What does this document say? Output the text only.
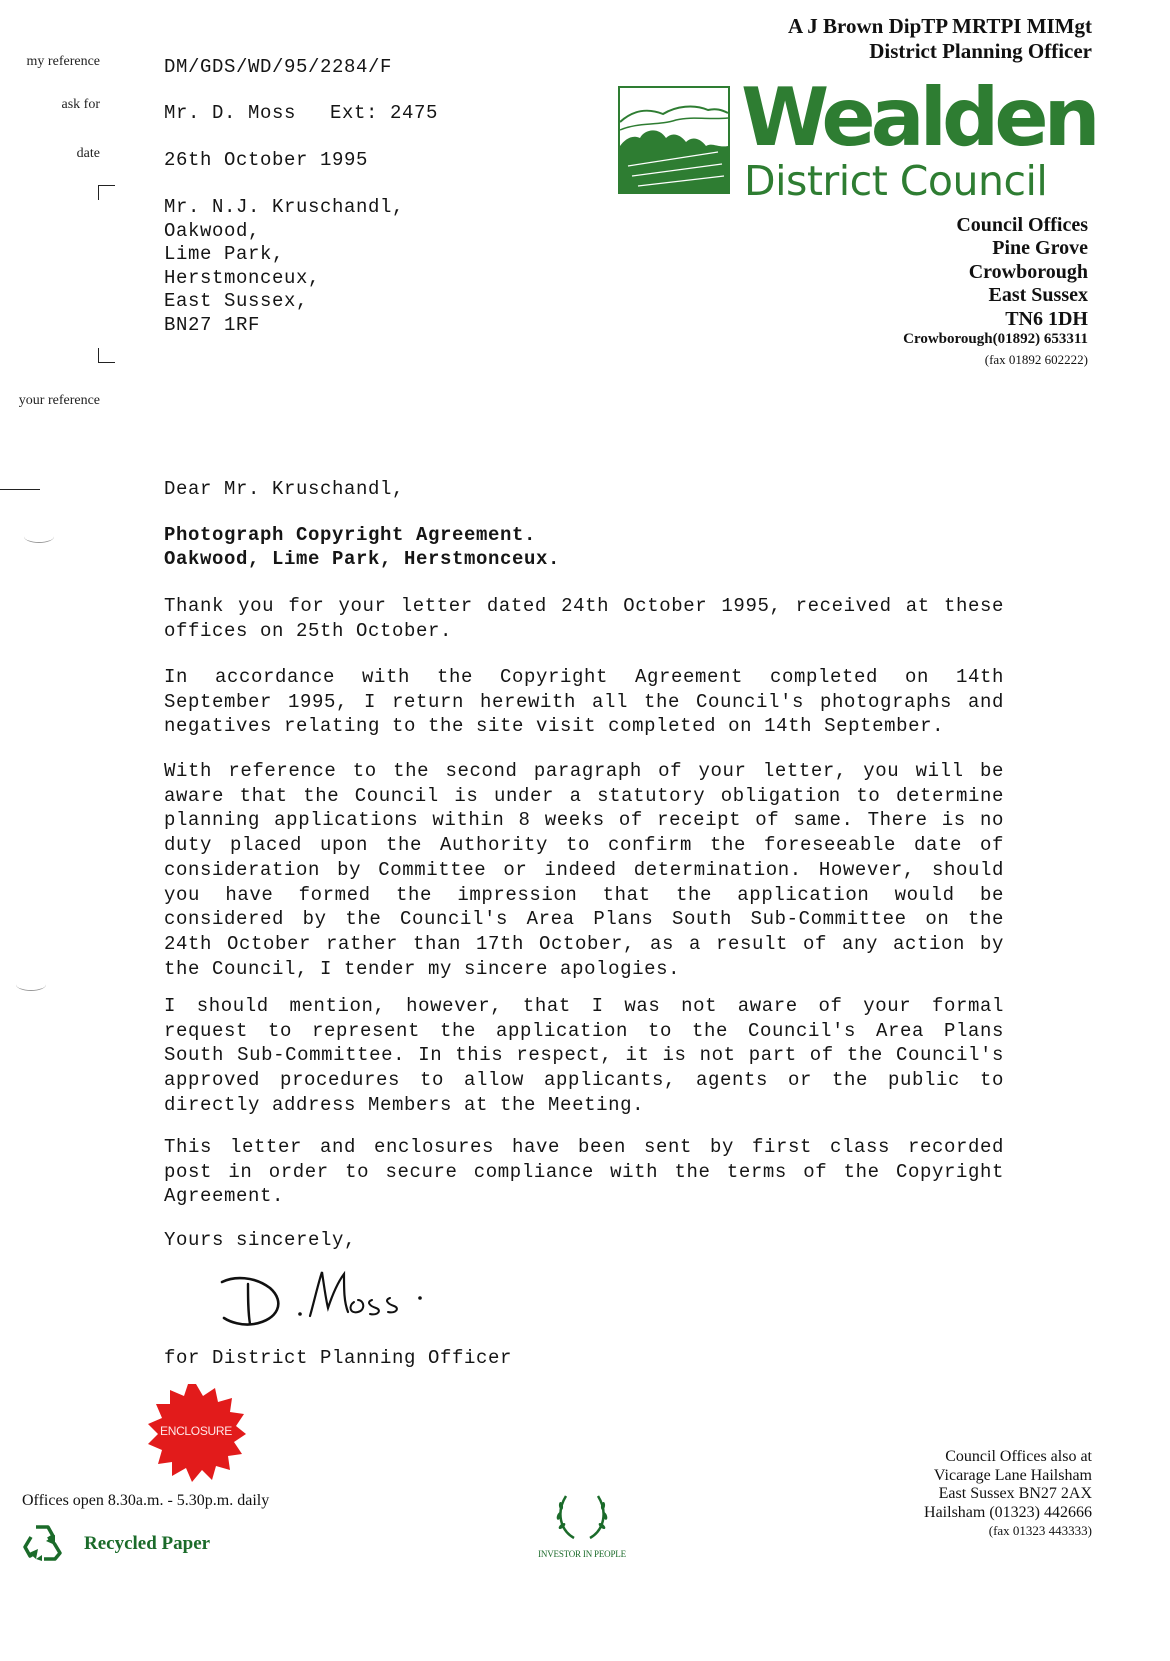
my reference
ask for
date
your reference
DM/GDS/WD/95/2284/F
Mr. D. Moss Ext: 2475
26th October 1995
Mr. N.J. Kruschandl,
Oakwood,
Lime Park,
Herstmonceux,
East Sussex,
BN27 1RF
A J Brown DipTP MRTPI MIMgt
District Planning Officer
Wealden
District Council
Council Offices
Pine Grove
Crowborough
East Sussex
TN6 1DH
Crowborough(01892) 653311
(fax 01892 602222)
Dear Mr. Kruschandl,
Photograph Copyright Agreement.
Oakwood, Lime Park, Herstmonceux.
Thank you for your letter dated 24th October 1995, received at these offices on 25th October.
In accordance with the Copyright Agreement completed on 14th September 1995, I return herewith all the Council's photographs and negatives relating to the site visit completed on 14th September.
With reference to the second paragraph of your letter, you will be aware that the Council is under a statutory obligation to determine planning applications within 8 weeks of receipt of same. There is no duty placed upon the Authority to confirm the foreseeable date of consideration by Committee or indeed determination. However, should you have formed the impression that the application would be considered by the Council's Area Plans South Sub-Committee on the 24th October rather than 17th October, as a result of any action by the Council, I tender my sincere apologies.
I should mention, however, that I was not aware of your formal request to represent the application to the Council's Area Plans South Sub-Committee. In this respect, it is not part of the Council's approved procedures to allow applicants, agents or the public to directly address Members at the Meeting.
This letter and enclosures have been sent by first class recorded post in order to secure compliance with the terms of the Copyright Agreement.
Yours sincerely,
for District Planning Officer
ENCLOSURE
Offices open 8.30a.m. - 5.30p.m. daily
Recycled Paper	INVESTOR IN PEOPLE
Council Offices also at
Vicarage Lane Hailsham
East Sussex BN27 2AX
Hailsham (01323) 442666
(fax 01323 443333)
